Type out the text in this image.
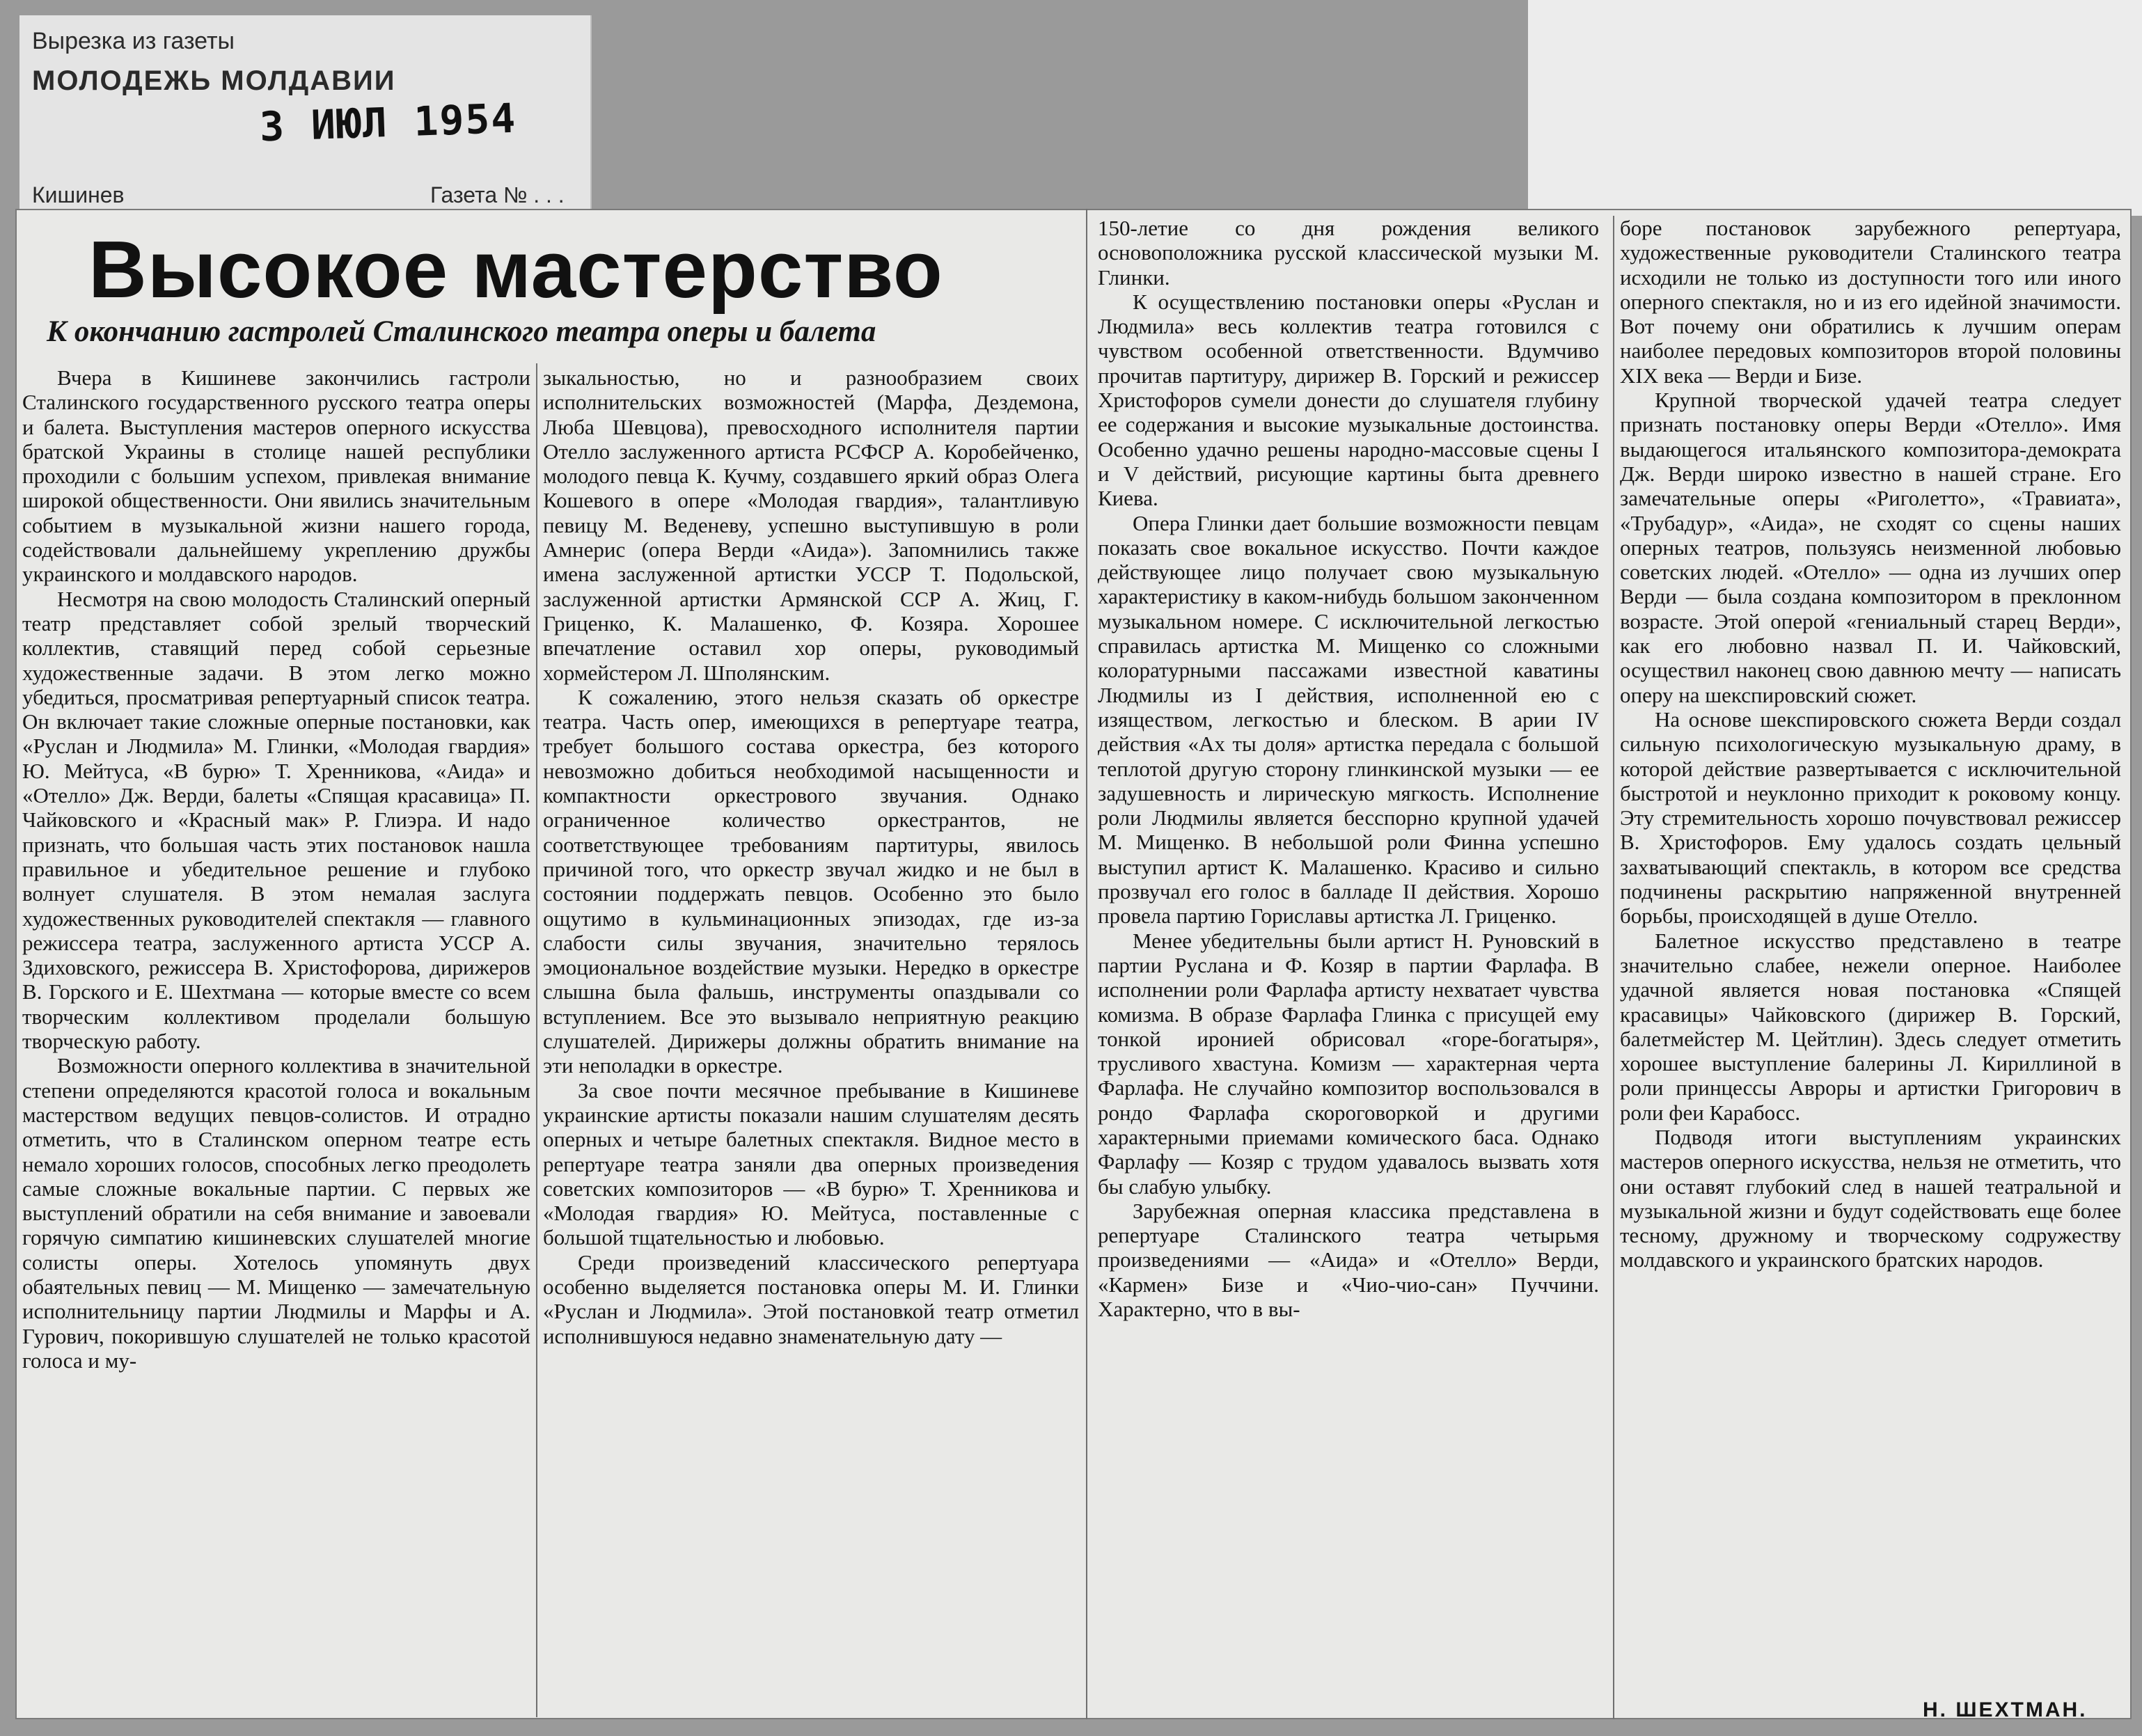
Вырезка из газеты
МОЛОДЕЖЬ МОЛДАВИИ
3 ИЮЛ 1954
Кишинев	Газета № . . .
Высокое мастерство
К окончанию гастролей Сталинского театра оперы и балета

Вчера в Кишиневе закончились гастроли Сталинского государственного русского театра оперы и балета. Выступления мастеров оперного искусства братской Украины в столице нашей республики проходили с большим успехом, привлекая внимание широкой общественности. Они явились значительным событием в музыкальной жизни нашего города, содействовали дальнейшему укреплению дружбы украинского и молдавского народов.

Несмотря на свою молодость Сталинский оперный театр представляет собой зрелый творческий коллектив, ставящий перед собой серьезные художественные задачи. В этом легко можно убедиться, просматривая репертуарный список театра. Он включает такие сложные оперные постановки, как «Руслан и Людмила» М. Глинки, «Молодая гвардия» Ю. Мейтуса, «В бурю» Т. Хренникова, «Аида» и «Отелло» Дж. Верди, балеты «Спящая красавица» П. Чайковского и «Красный мак» Р. Глиэра. И надо признать, что большая часть этих постановок нашла правильное и убедительное решение и глубоко волнует слушателя. В этом немалая заслуга художественных руководителей спектакля — главного режиссера театра, заслуженного артиста УССР А. Здиховского, режиссера В. Христофорова, дирижеров В. Горского и Е. Шехтмана — которые вместе со всем творческим коллективом проделали большую творческую работу.

Возможности оперного коллектива в значительной степени определяются красотой голоса и вокальным мастерством ведущих певцов-солистов. И отрадно отметить, что в Сталинском оперном театре есть немало хороших голосов, способных легко преодолеть самые сложные вокальные партии. С первых же выступлений обратили на себя внимание и завоевали горячую симпатию кишиневских слушателей многие солисты оперы. Хотелось упомянуть двух обаятельных певиц — М. Мищенко — замечательную исполнительницу партии Людмилы и Марфы и А. Гурович, покорившую слушателей не только красотой голоса и му-

зыкальностью, но и разнообразием своих исполнительских возможностей (Марфа, Дездемона, Люба Шевцова), превосходного исполнителя партии Отелло заслуженного артиста РСФСР А. Коробейченко, молодого певца К. Кучму, создавшего яркий образ Олега Кошевого в опере «Молодая гвардия», талантливую певицу М. Веденеву, успешно выступившую в роли Амнерис (опера Верди «Аида»). Запомнились также имена заслуженной артистки УССР Т. Подольской, заслуженной артистки Армянской ССР А. Жиц, Г. Гриценко, К. Малашенко, Ф. Козяра. Хорошее впечатление оставил хор оперы, руководимый хормейстером Л. Шполянским.

К сожалению, этого нельзя сказать об оркестре театра. Часть опер, имеющихся в репертуаре театра, требует большого состава оркестра, без которого невозможно добиться необходимой насыщенности и компактности оркестрового звучания. Однако ограниченное количество оркестрантов, не соответствующее требованиям партитуры, явилось причиной того, что оркестр звучал жидко и не был в состоянии поддержать певцов. Особенно это было ощутимо в кульминационных эпизодах, где из-за слабости силы звучания, значительно терялось эмоциональное воздействие музыки. Нередко в оркестре слышна была фальшь, инструменты опаздывали со вступлением. Все это вызывало неприятную реакцию слушателей. Дирижеры должны обратить внимание на эти неполадки в оркестре.

За свое почти месячное пребывание в Кишиневе украинские артисты показали нашим слушателям десять оперных и четыре балетных спектакля. Видное место в репертуаре театра заняли два оперных произведения советских композиторов — «В бурю» Т. Хренникова и «Молодая гвардия» Ю. Мейтуса, поставленные с большой тщательностью и любовью.

Среди произведений классического репертуара особенно выделяется постановка оперы М. И. Глинки «Руслан и Людмила». Этой постановкой театр отметил исполнившуюся недавно знаменательную дату —

150-летие со дня рождения великого основоположника русской классической музыки М. Глинки.

К осуществлению постановки оперы «Руслан и Людмила» весь коллектив театра готовился с чувством особенной ответственности. Вдумчиво прочитав партитуру, дирижер В. Горский и режиссер Христофоров сумели донести до слушателя глубину ее содержания и высокие музыкальные достоинства. Особенно удачно решены народно-массовые сцены I и V действий, рисующие картины быта древнего Киева.

Опера Глинки дает большие возможности певцам показать свое вокальное искусство. Почти каждое действующее лицо получает свою музыкальную характеристику в каком-нибудь большом законченном музыкальном номере. С исключительной легкостью справилась артистка М. Мищенко со сложными колоратурными пассажами известной каватины Людмилы из I действия, исполненной ею с изяществом, легкостью и блеском. В арии IV действия «Ах ты доля» артистка передала с большой теплотой другую сторону глинкинской музыки — ее задушевность и лирическую мягкость. Исполнение роли Людмилы является бесспорно крупной удачей М. Мищенко. В небольшой роли Финна успешно выступил артист К. Малашенко. Красиво и сильно прозвучал его голос в балладе II действия. Хорошо провела партию Гориславы артистка Л. Гриценко.

Менее убедительны были артист Н. Руновский в партии Руслана и Ф. Козяр в партии Фарлафа. В исполнении роли Фарлафа артисту нехватает чувства комизма. В образе Фарлафа Глинка с присущей ему тонкой иронией обрисовал «горе-богатыря», трусливого хвастуна. Комизм — характерная черта Фарлафа. Не случайно композитор воспользовался в рондо Фарлафа скороговоркой и другими характерными приемами комического баса. Однако Фарлафу — Козяр с трудом удавалось вызвать хотя бы слабую улыбку.

Зарубежная оперная классика представлена в репертуаре Сталинского театра четырьмя произведениями — «Аида» и «Отелло» Верди, «Кармен» Бизе и «Чио-чио-сан» Пуччини. Характерно, что в вы-

боре постановок зарубежного репертуара, художественные руководители Сталинского театра исходили не только из доступности того или иного оперного спектакля, но и из его идейной значимости. Вот почему они обратились к лучшим операм наиболее передовых композиторов второй половины XIX века — Верди и Бизе.

Крупной творческой удачей театра следует признать постановку оперы Верди «Отелло». Имя выдающегося итальянского композитора-демократа Дж. Верди широко известно в нашей стране. Его замечательные оперы «Риголетто», «Травиата», «Трубадур», «Аида», не сходят со сцены наших оперных театров, пользуясь неизменной любовью советских людей. «Отелло» — одна из лучших опер Верди — была создана композитором в преклонном возрасте. Этой оперой «гениальный старец Верди», как его любовно назвал П. И. Чайковский, осуществил наконец свою давнюю мечту — написать оперу на шекспировский сюжет.

На основе шекспировского сюжета Верди создал сильную психологическую музыкальную драму, в которой действие развертывается с исключительной быстротой и неуклонно приходит к роковому концу. Эту стремительность хорошо почувствовал режиссер В. Христофоров. Ему удалось создать цельный захватывающий спектакль, в котором все средства подчинены раскрытию напряженной внутренней борьбы, происходящей в душе Отелло.

Балетное искусство представлено в театре значительно слабее, нежели оперное. Наиболее удачной является новая постановка «Спящей красавицы» Чайковского (дирижер В. Горский, балетмейстер М. Цейтлин). Здесь следует отметить хорошее выступление балерины Л. Кириллиной в роли принцессы Авроры и артистки Григорович в роли феи Карабосс.

Подводя итоги выступлениям украинских мастеров оперного искусства, нельзя не отметить, что они оставят глубокий след в нашей театральной и музыкальной жизни и будут содействовать еще более тесному, дружному и творческому содружеству молдавского и украинского братских народов.

Н. ШЕХТМАН.
